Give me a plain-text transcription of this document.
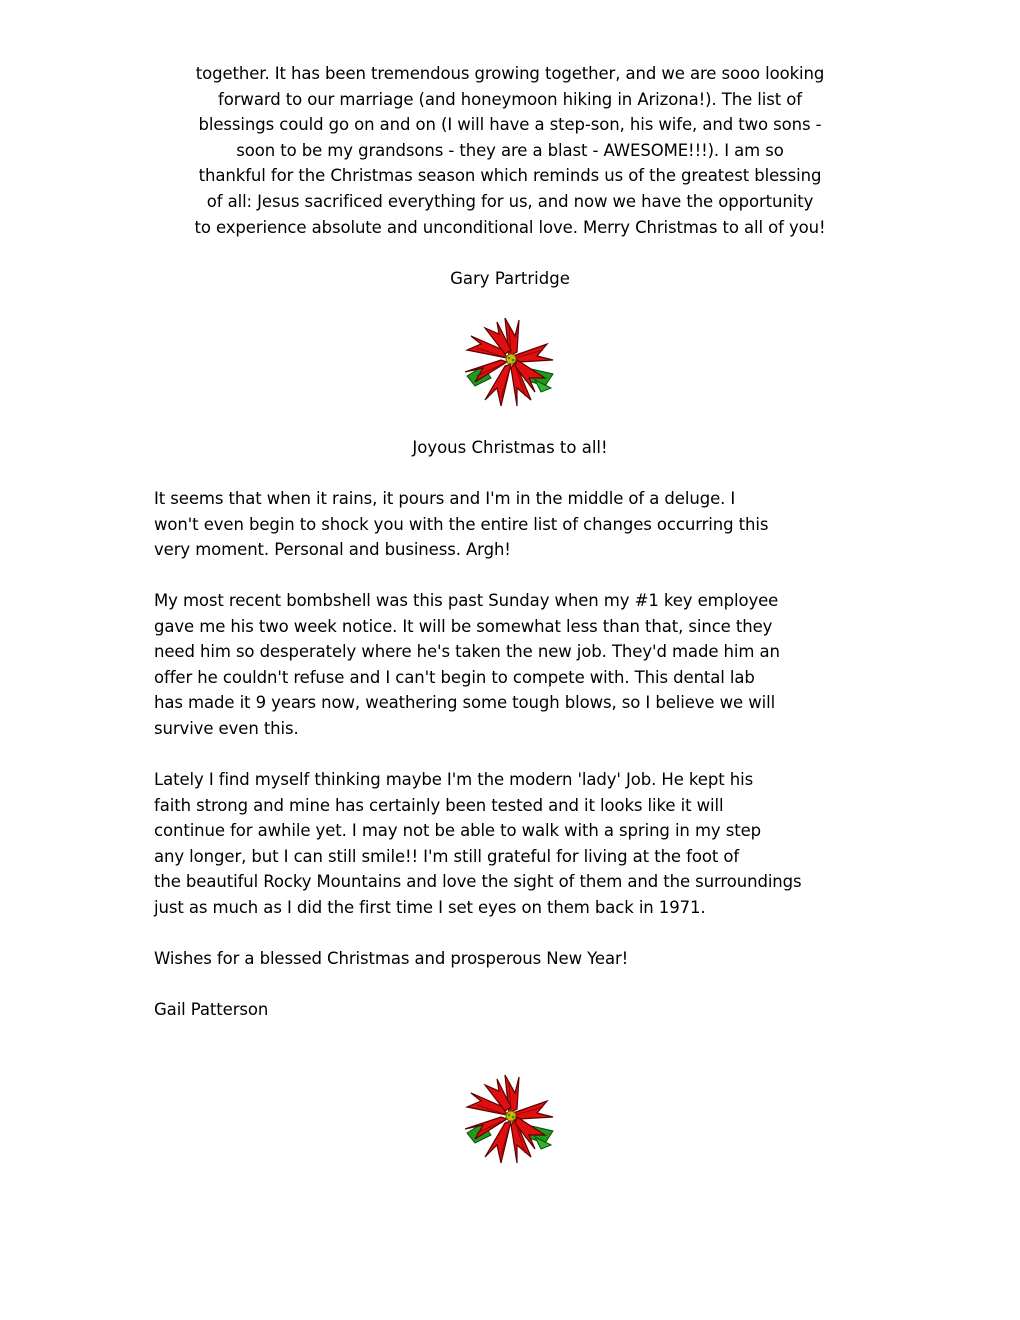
together. It has been tremendous growing together, and we are sooo looking
forward to our marriage (and honeymoon hiking in Arizona!). The list of
blessings could go on and on (I will have a step-son, his wife, and two sons -
soon to be my grandsons - they are a blast - AWESOME!!!). I am so
thankful for the Christmas season which reminds us of the greatest blessing
of all: Jesus sacrificed everything for us, and now we have the opportunity
to experience absolute and unconditional love. Merry Christmas to all of you!
Gary Partridge
Joyous Christmas to all!
It seems that when it rains, it pours and I'm in the middle of a deluge. I
won't even begin to shock you with the entire list of changes occurring this
very moment. Personal and business. Argh!
My most recent bombshell was this past Sunday when my #1 key employee
gave me his two week notice. It will be somewhat less than that, since they
need him so desperately where he's taken the new job. They'd made him an
offer he couldn't refuse and I can't begin to compete with. This dental lab
has made it 9 years now, weathering some tough blows, so I believe we will
survive even this.
Lately I find myself thinking maybe I'm the modern 'lady' Job. He kept his
faith strong and mine has certainly been tested and it looks like it will
continue for awhile yet. I may not be able to walk with a spring in my step
any longer, but I can still smile!! I'm still grateful for living at the foot of
the beautiful Rocky Mountains and love the sight of them and the surroundings
just as much as I did the first time I set eyes on them back in 1971.
Wishes for a blessed Christmas and prosperous New Year!
Gail Patterson
